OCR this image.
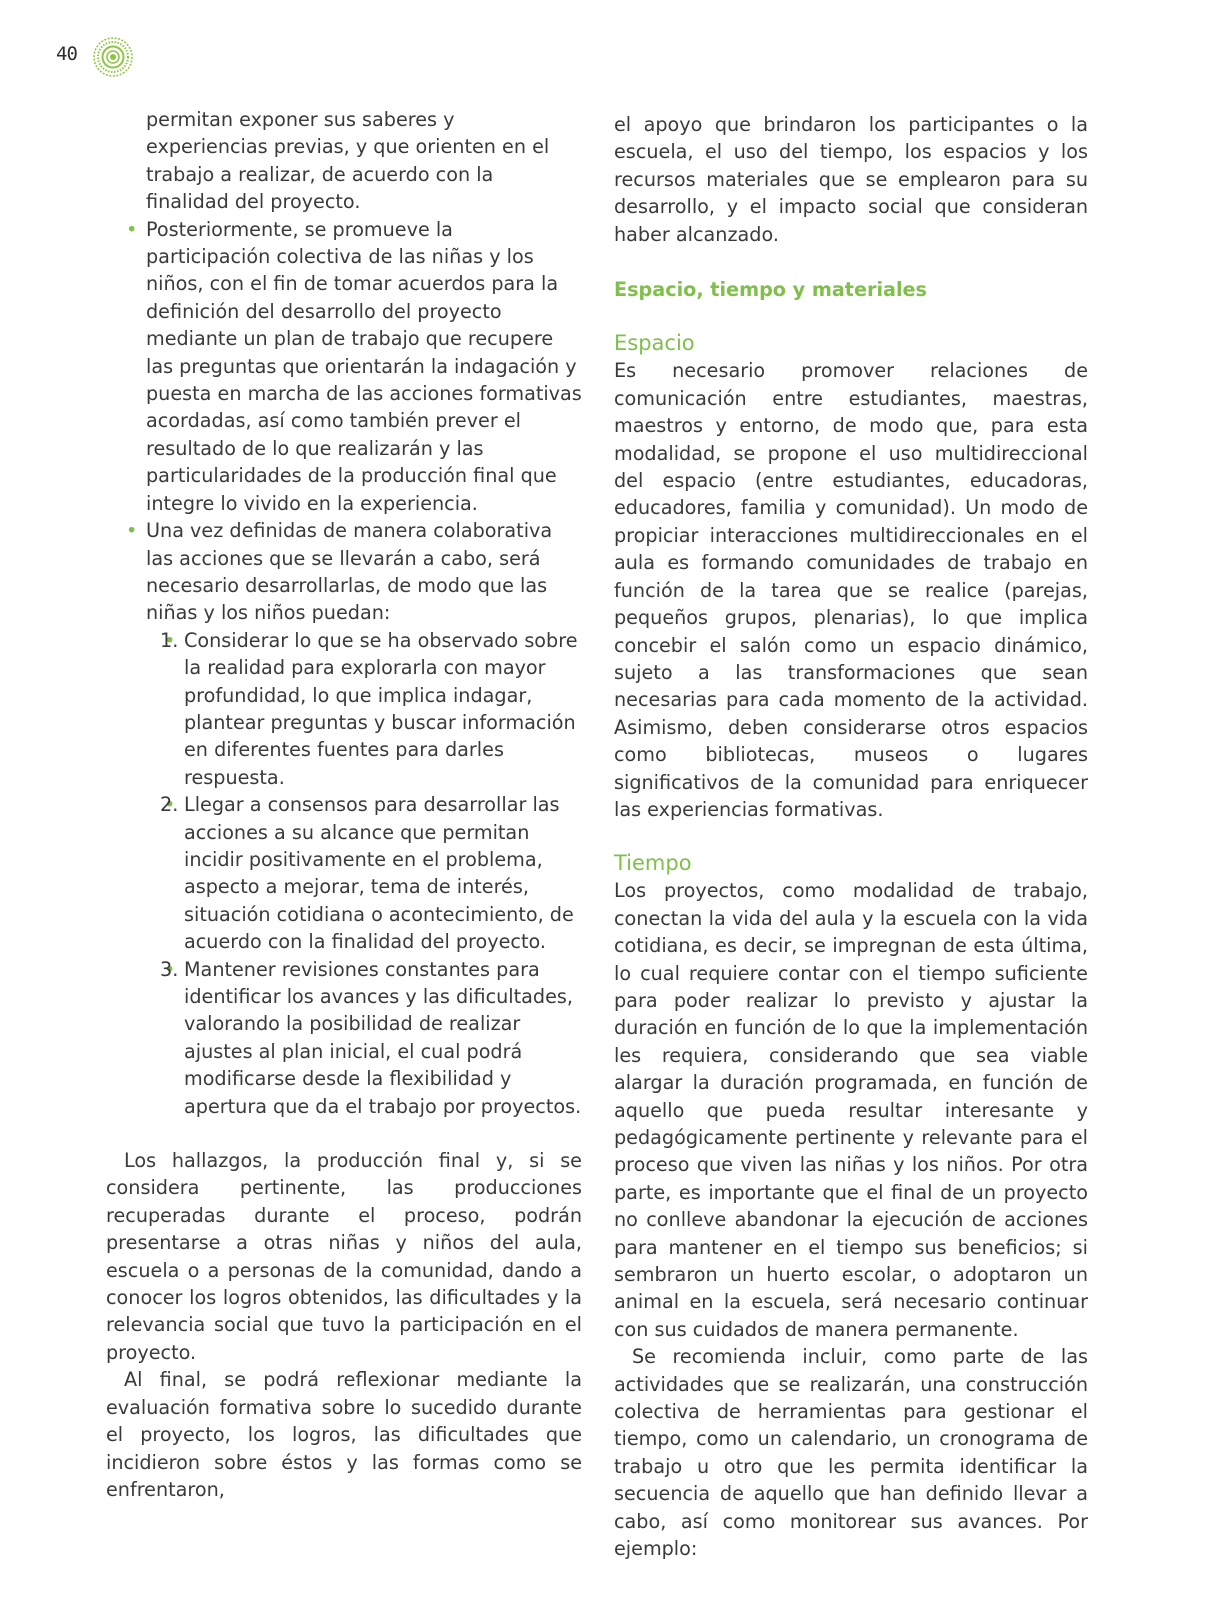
40

permitan exponer sus saberes y experiencias previas, y que orienten en el trabajo a realizar, de acuerdo con la finalidad del proyecto.

• Posteriormente, se promueve la participación colectiva de las niñas y los niños, con el fin de tomar acuerdos para la definición del desarrollo del proyecto mediante un plan de trabajo que recupere las preguntas que orientarán la indagación y puesta en marcha de las acciones formativas acordadas, así como también prever el resultado de lo que realizarán y las particularidades de la producción final que integre lo vivido en la experiencia.
• Una vez definidas de manera colaborativa las acciones que se llevarán a cabo, será necesario desarrollarlas, de modo que las niñas y los niños puedan:
• 1. Considerar lo que se ha observado sobre la realidad para explorarla con mayor profundidad, lo que implica indagar, plantear preguntas y buscar información en diferentes fuentes para darles respuesta.
• 2. Llegar a consensos para desarrollar las acciones a su alcance que permitan incidir positivamente en el problema, aspecto a mejorar, tema de interés, situación cotidiana o acontecimiento, de acuerdo con la finalidad del proyecto.
• 3. Mantener revisiones constantes para identificar los avances y las dificultades, valorando la posibilidad de realizar ajustes al plan inicial, el cual podrá modificarse desde la flexibilidad y apertura que da el trabajo por proyectos.

Los hallazgos, la producción final y, si se considera pertinente, las producciones recuperadas durante el proceso, podrán presentarse a otras niñas y niños del aula, escuela o a personas de la comunidad, dando a conocer los logros obtenidos, las dificultades y la relevancia social que tuvo la participación en el proyecto.

Al final, se podrá reflexionar mediante la evaluación formativa sobre lo sucedido durante el proyecto, los logros, las dificultades que incidieron sobre éstos y las formas como se enfrentaron,

el apoyo que brindaron los participantes o la escuela, el uso del tiempo, los espacios y los recursos materiales que se emplearon para su desarrollo, y el impacto social que consideran haber alcanzado.

Espacio, tiempo y materiales

Espacio

Es necesario promover relaciones de comunicación entre estudiantes, maestras, maestros y entorno, de modo que, para esta modalidad, se propone el uso multidireccional del espacio (entre estudiantes, educadoras, educadores, familia y comunidad). Un modo de propiciar interacciones multidireccionales en el aula es formando comunidades de trabajo en función de la tarea que se realice (parejas, pequeños grupos, plenarias), lo que implica concebir el salón como un espacio dinámico, sujeto a las transformaciones que sean necesarias para cada momento de la actividad. Asimismo, deben considerarse otros espacios como bibliotecas, museos o lugares significativos de la comunidad para enriquecer las experiencias formativas.

Tiempo

Los proyectos, como modalidad de trabajo, conectan la vida del aula y la escuela con la vida cotidiana, es decir, se impregnan de esta última, lo cual requiere contar con el tiempo suficiente para poder realizar lo previsto y ajustar la duración en función de lo que la implementación les requiera, considerando que sea viable alargar la duración programada, en función de aquello que pueda resultar interesante y pedagógicamente pertinente y relevante para el proceso que viven las niñas y los niños. Por otra parte, es importante que el final de un proyecto no conlleve abandonar la ejecución de acciones para mantener en el tiempo sus beneficios; si sembraron un huerto escolar, o adoptaron un animal en la escuela, será necesario continuar con sus cuidados de manera permanente.

Se recomienda incluir, como parte de las actividades que se realizarán, una construcción colectiva de herramientas para gestionar el tiempo, como un calendario, un cronograma de trabajo u otro que les permita identificar la secuencia de aquello que han definido llevar a cabo, así como monitorear sus avances. Por ejemplo:
